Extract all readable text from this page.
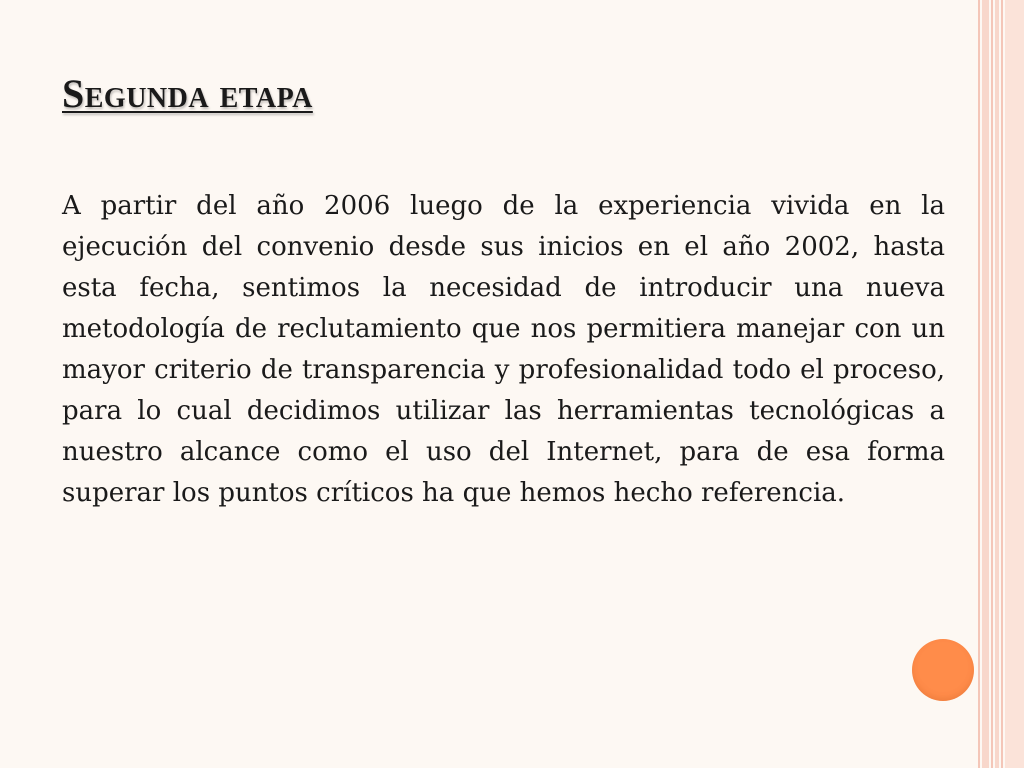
Segunda etapa

A partir del año 2006 luego de la experiencia vivida en la ejecución del convenio desde sus inicios en el año 2002, hasta esta fecha, sentimos la necesidad de introducir una nueva metodología de reclutamiento que nos permitiera manejar con un mayor criterio de transparencia y profesionalidad todo el proceso, para lo cual decidimos utilizar las herramientas tecnológicas a nuestro alcance como el uso del Internet, para de esa forma superar los puntos críticos ha que hemos hecho referencia.
